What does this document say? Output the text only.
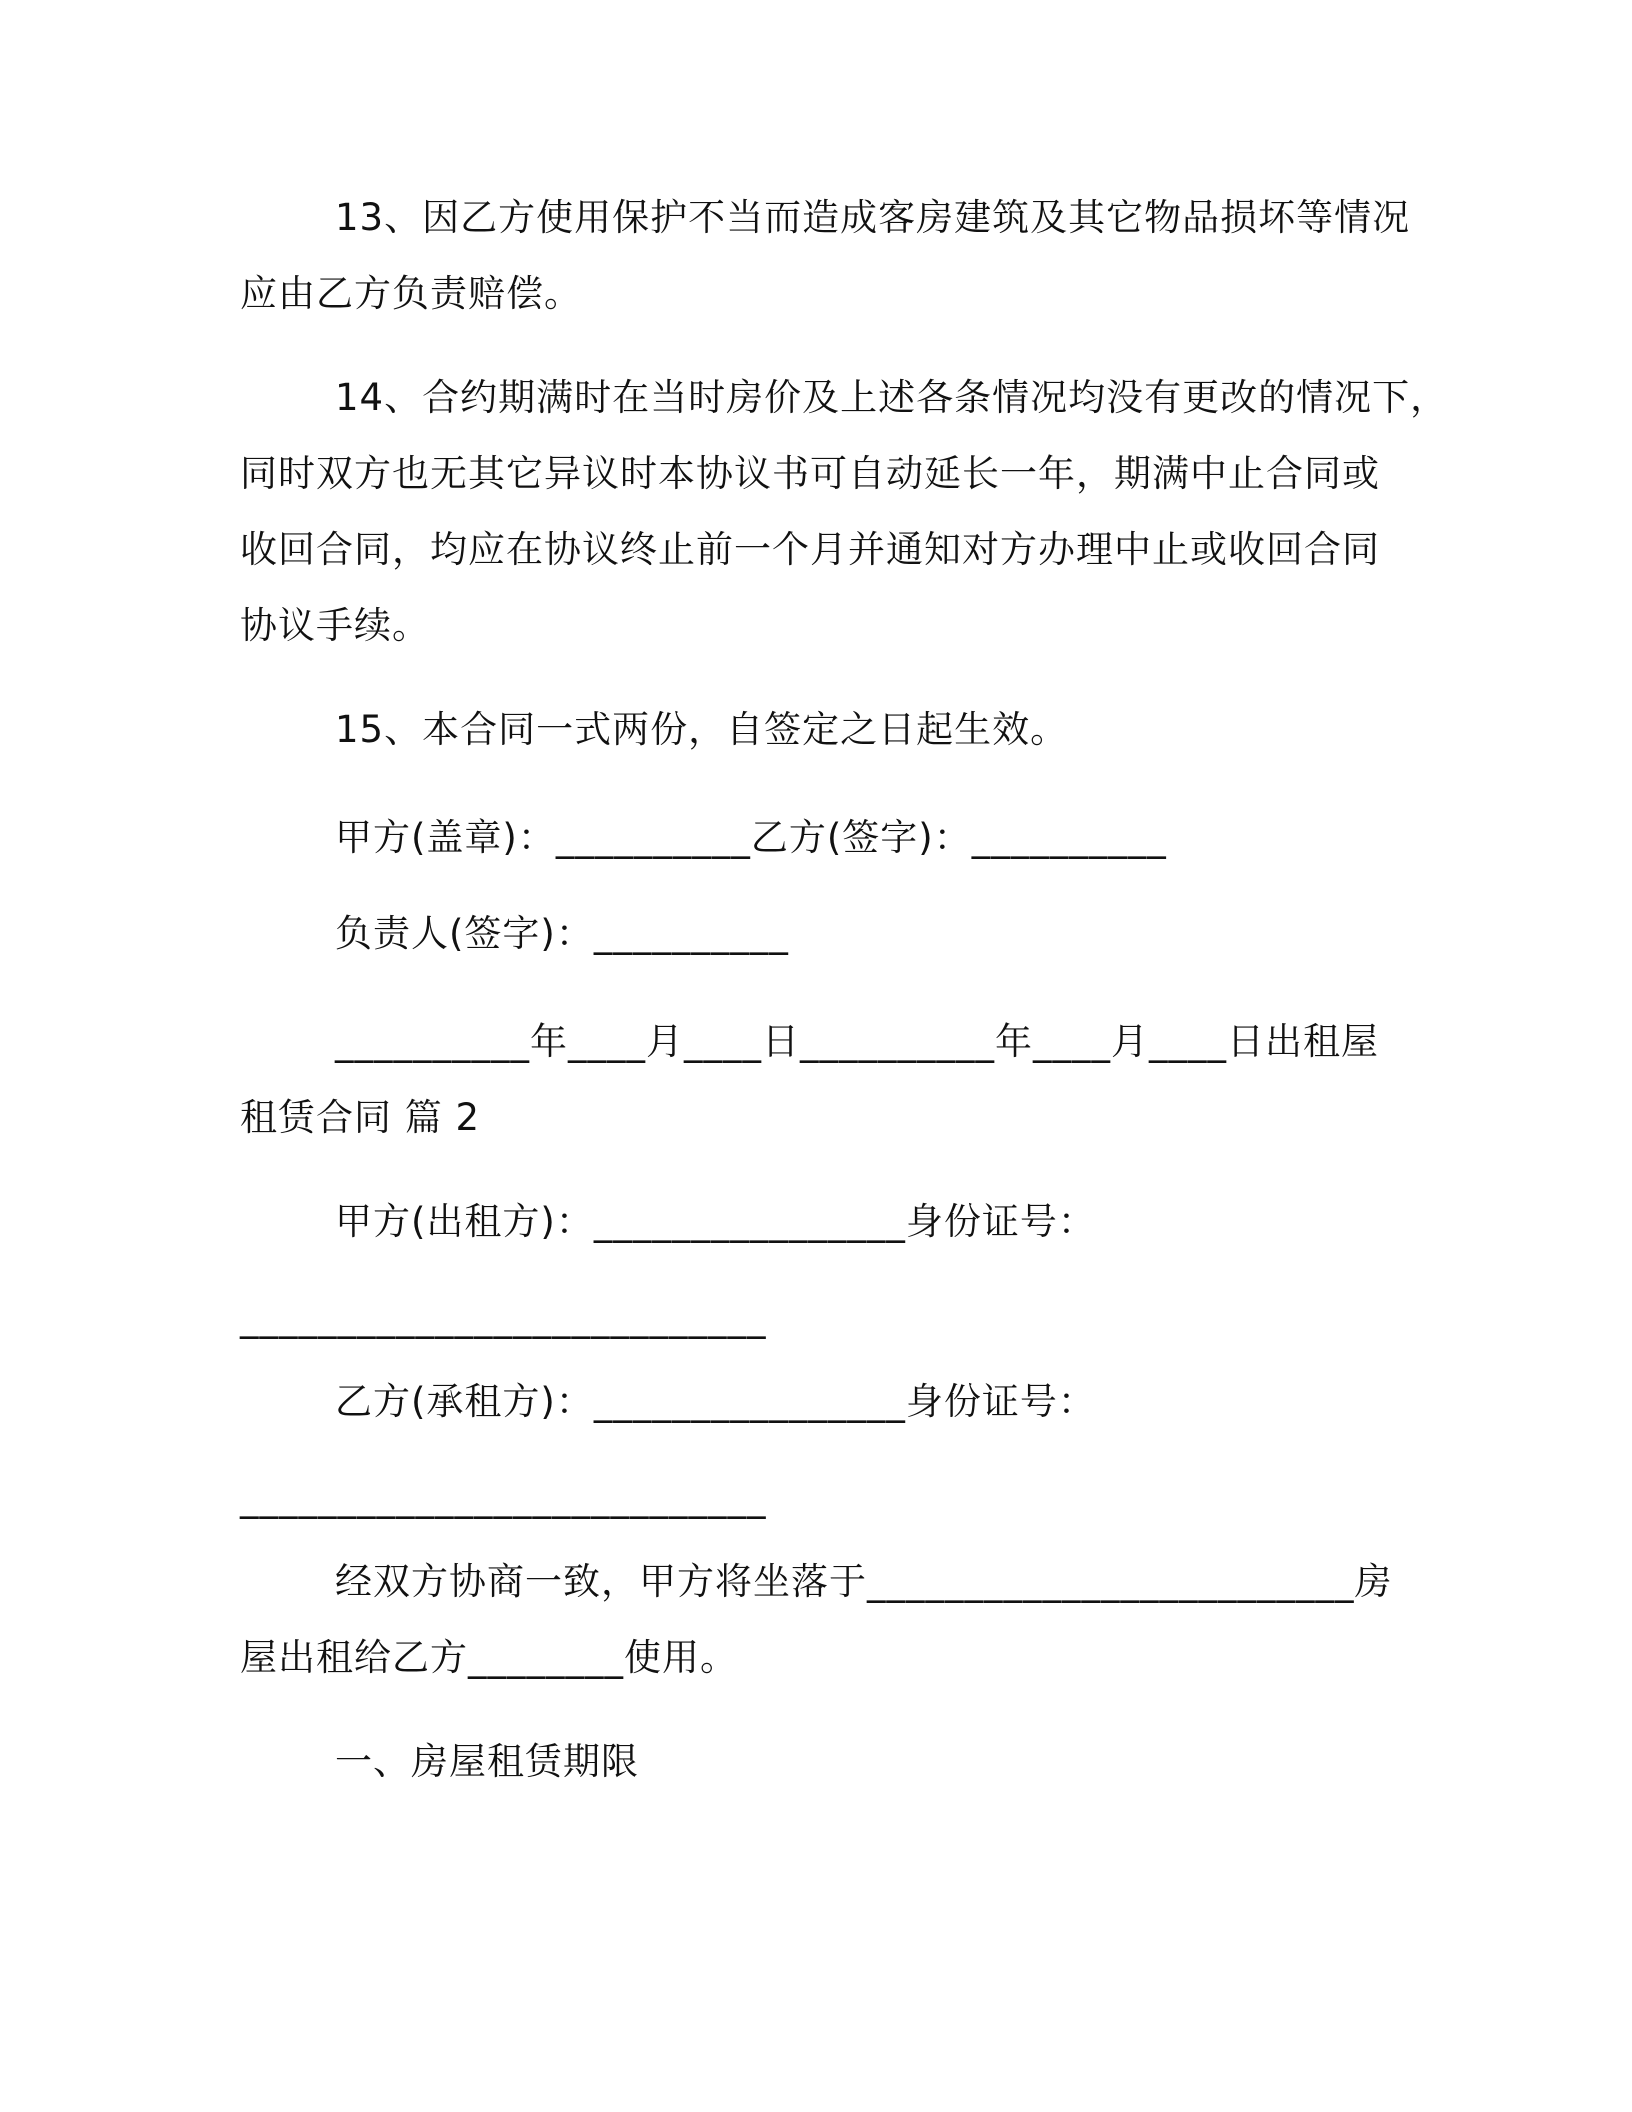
13、因乙方使用保护不当而造成客房建筑及其它物品损坏等情况
应由乙方负责赔偿。
14、合约期满时在当时房价及上述各条情况均没有更改的情况下，
同时双方也无其它异议时本协议书可自动延长一年，期满中止合同或
收回合同，均应在协议终止前一个月并通知对方办理中止或收回合同
协议手续。
15、本合同一式两份，自签定之日起生效。
甲方(盖章)：__________乙方(签字)：__________
负责人(签字)：__________
__________年____月____日__________年____月____日出租屋
租赁合同 篇 2
甲方(出租方)：________________身份证号：
___________________________
乙方(承租方)：________________身份证号：
___________________________
经双方协商一致，甲方将坐落于_________________________房
屋出租给乙方________使用。
一、房屋租赁期限
